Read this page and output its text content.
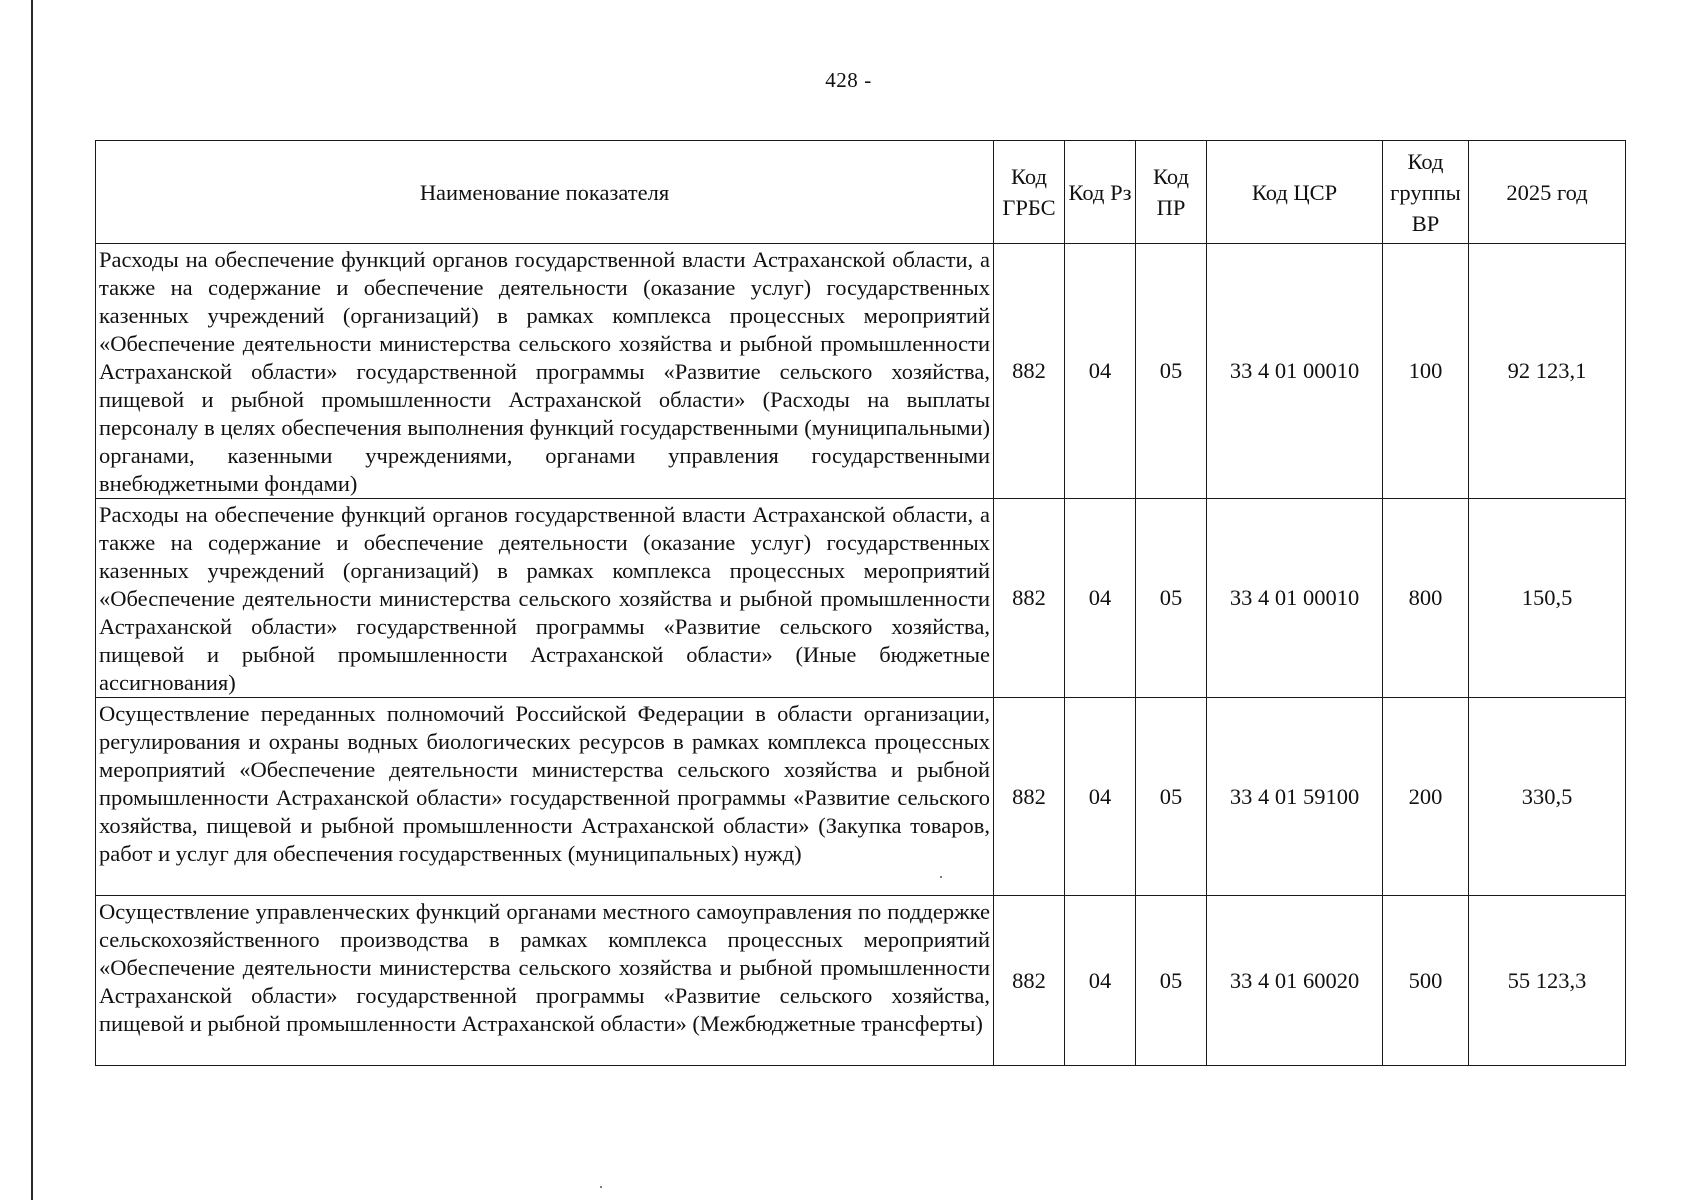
428 -
Наименование показателя	Код ГРБС	Код Рз	Код ПР	Код ЦСР	Код группы ВР	2025 год
Расходы на обеспечение функций органов государственной власти Астраханской области, а также на содержание и обеспечение деятельности (оказание услуг) государственных казенных учреждений (организаций) в рамках комплекса процессных мероприятий «Обеспечение деятельности министерства сельского хозяйства и рыбной промышленности Астраханской области» государственной программы «Развитие сельского хозяйства, пищевой и рыбной промышленности Астраханской области» (Расходы на выплаты персоналу в целях обеспечения выполнения функций государственными (муниципальными) органами, казенными учреждениями, органами управления государственными внебюджетными фондами)	882	04	05	33 4 01 00010	100	92 123,1
Расходы на обеспечение функций органов государственной власти Астраханской области, а также на содержание и обеспечение деятельности (оказание услуг) государственных казенных учреждений (организаций) в рамках комплекса процессных мероприятий «Обеспечение деятельности министерства сельского хозяйства и рыбной промышленности Астраханской области» государственной программы «Развитие сельского хозяйства, пищевой и рыбной промышленности Астраханской области» (Иные бюджетные ассигнования)	882	04	05	33 4 01 00010	800	150,5
Осуществление переданных полномочий Российской Федерации в области организации, регулирования и охраны водных биологических ресурсов в рамках комплекса процессных мероприятий «Обеспечение деятельности министерства сельского хозяйства и рыбной промышленности Астраханской области» государственной программы «Развитие сельского хозяйства, пищевой и рыбной промышленности Астраханской области» (Закупка товаров, работ и услуг для обеспечения государственных (муниципальных) нужд)	882	04	05	33 4 01 59100	200	330,5
Осуществление управленческих функций органами местного самоуправления по поддержке сельскохозяйственного производства в рамках комплекса процессных мероприятий «Обеспечение деятельности министерства сельского хозяйства и рыбной промышленности Астраханской области» государственной программы «Развитие сельского хозяйства, пищевой и рыбной промышленности Астраханской области» (Межбюджетные трансферты)	882	04	05	33 4 01 60020	500	55 123,3
